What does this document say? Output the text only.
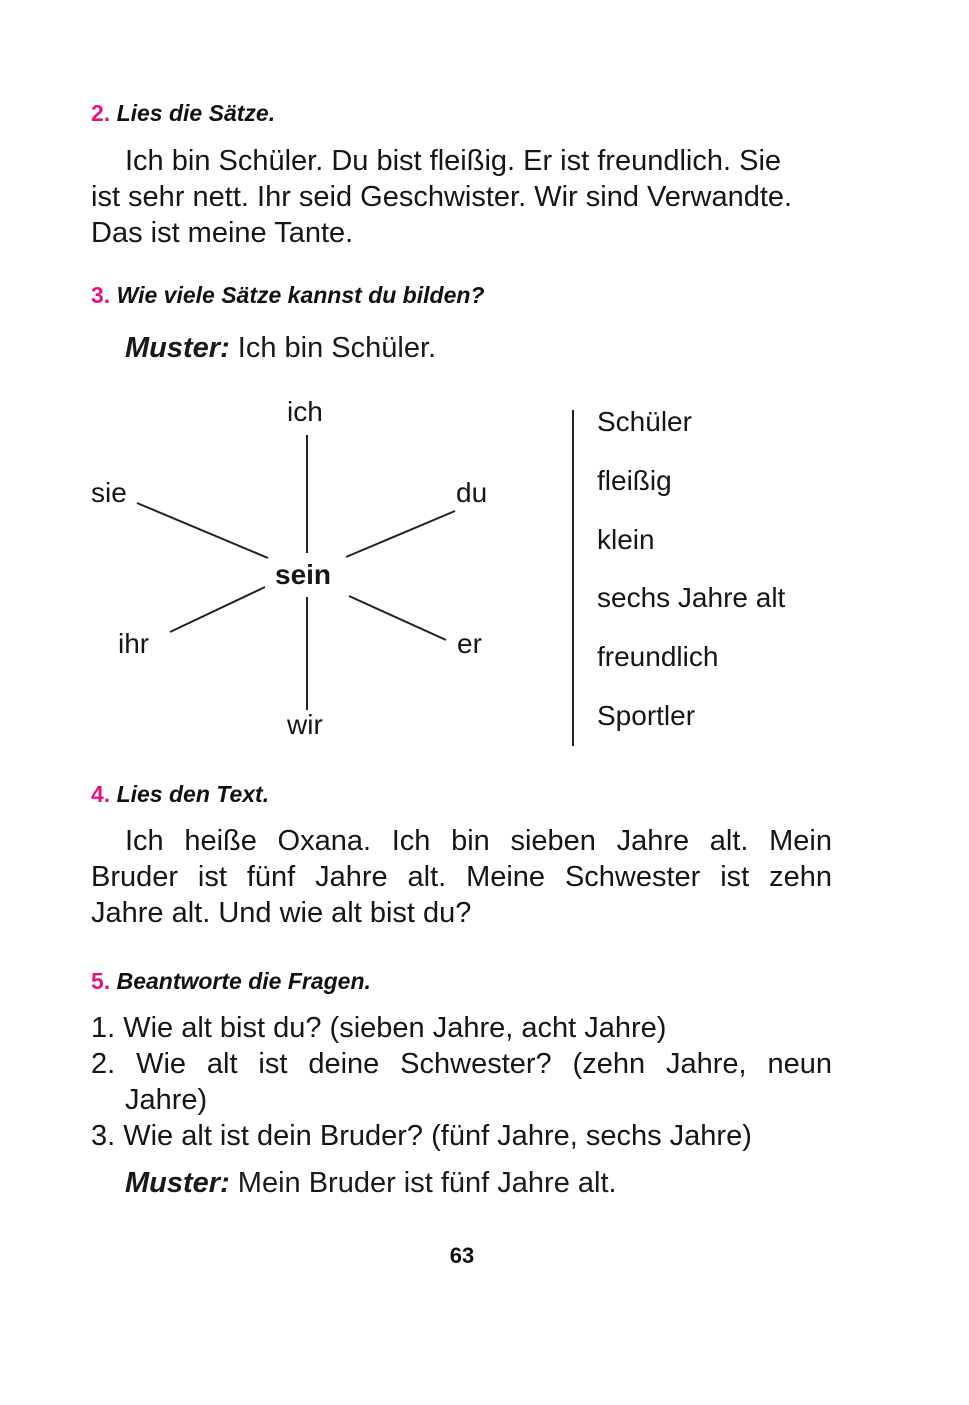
2. Lies die Sätze.
Ich bin Schüler. Du bist fleißig. Er ist freundlich. Sie
ist sehr nett. Ihr seid Geschwister. Wir sind Verwandte.
Das ist meine Tante.
3. Wie viele Sätze kannst du bilden?
Muster: Ich bin Schüler.
ich
sie	du
sein
ihr	er
wir
Schüler
fleißig
klein
sechs Jahre alt
freundlich
Sportler
4. Lies den Text.
Ich heiße Oxana. Ich bin sieben Jahre alt. Mein
Bruder ist fünf Jahre alt. Meine Schwester ist zehn
Jahre alt. Und wie alt bist du?
5. Beantworte die Fragen.
1. Wie alt bist du? (sieben Jahre, acht Jahre)
2. Wie alt ist deine Schwester? (zehn Jahre, neun
Jahre)
3. Wie alt ist dein Bruder? (fünf Jahre, sechs Jahre)
Muster: Mein Bruder ist fünf Jahre alt.
63
